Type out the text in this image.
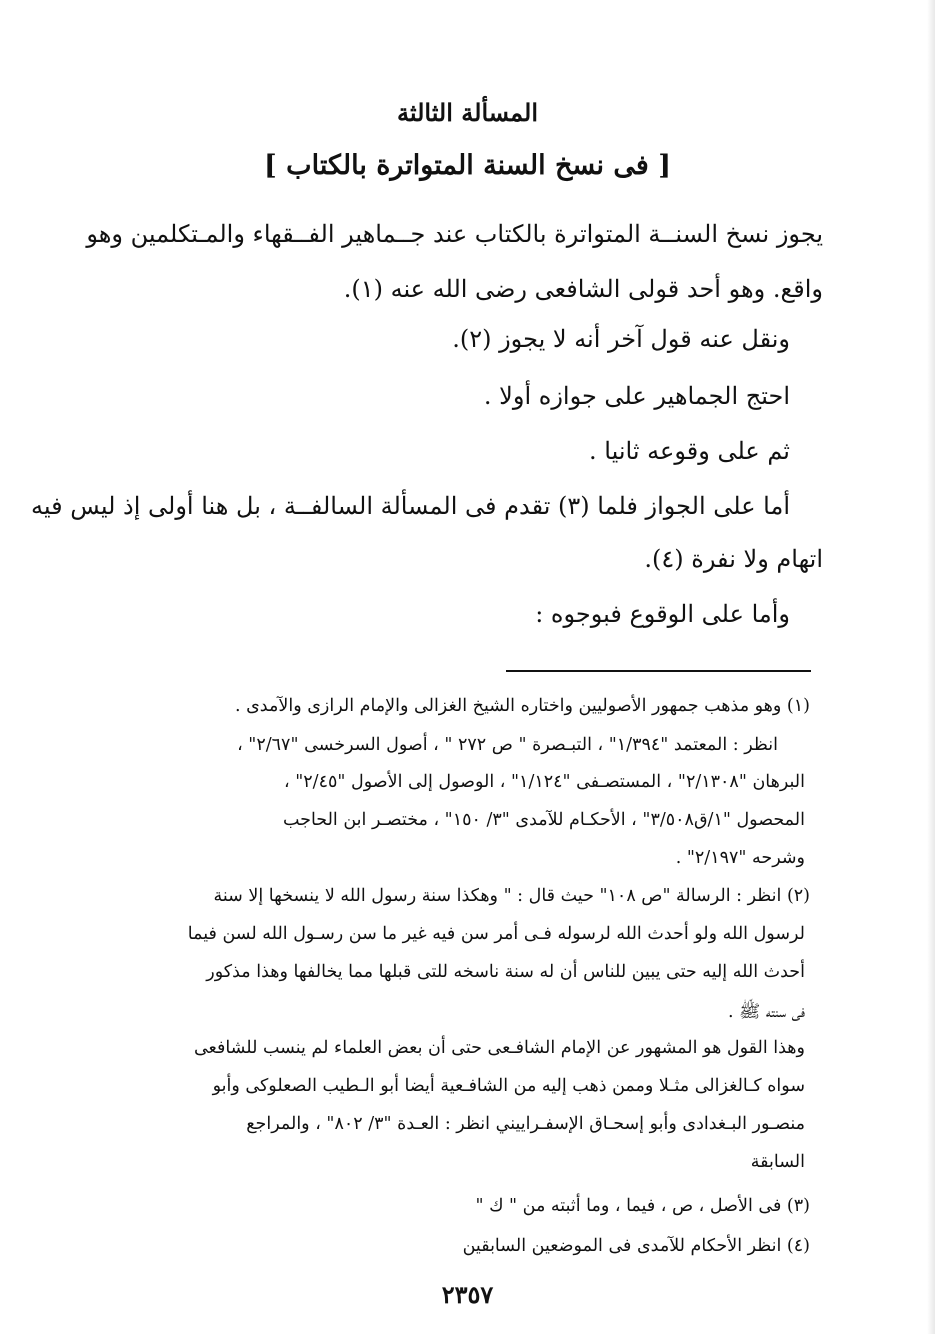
المسألة الثالثة
[ فى نسخ السنة المتواترة بالكتاب ]
يجوز نسخ السنــة المتواترة بالكتاب عند جــماهير الفــقهاء والمـتكلمين وهو
واقع. وهو أحد قولى الشافعى رضى الله عنه (١).
ونقل عنه قول آخر أنه لا يجوز (٢).
احتج الجماهير على جوازه أولا .
ثم على وقوعه ثانيا .
أما على الجواز فلما (٣) تقدم فى المسألة السالفــة ، بل هنا أولى إذ ليس فيه
اتهام ولا نفرة (٤).
وأما على الوقوع فبوجوه :
(١) وهو مذهب جمهور الأصوليين واختاره الشيخ الغزالى والإمام الرازى والآمدى .
انظر : المعتمد "١/٣٩٤" ، التبـصرة " ص ٢٧٢ " ، أصول السرخسى "٢/٦٧" ،
البرهان "٢/١٣٠٨" ، المستصـفى "١/١٢٤" ، الوصول إلى الأصول "٢/٤٥" ،
المحصول "١/ق٣/٥٠٨" ، الأحكـام للآمدى "٣/ ١٥٠" ، مختصـر ابن الحاجب
وشرحه "٢/١٩٧" .
(٢) انظر : الرسالة "ص ١٠٨" حيث قال : " وهكذا سنة رسول الله لا ينسخها إلا سنة
لرسول الله ولو أحدث الله لرسوله فـى أمر سن فيه غير ما سن رسـول الله لسن فيما
أحدث الله إليه حتى يبين للناس أن له سنة ناسخه للتى قبلها مما يخالفها وهذا مذكور
فى سنته ﷺ .
وهذا القول هو المشهور عن الإمام الشافـعى حتى أن بعض العلماء لم ينسب للشافعى
سواه كـالغزالى مثـلا وممن ذهب إليه من الشافـعية أيضا أبو الـطيب الصعلوكى وأبو
منصـور البـغدادى وأبو إسحـاق الإسفـراييني انظر : العـدة "٣/ ٨٠٢" ، والمراجع
السابقة
(٣) فى الأصل ، ص ، فيما ، وما أثبته من " ك "
(٤) انظر الأحكام للآمدى فى الموضعين السابقين
٢٣٥٧
